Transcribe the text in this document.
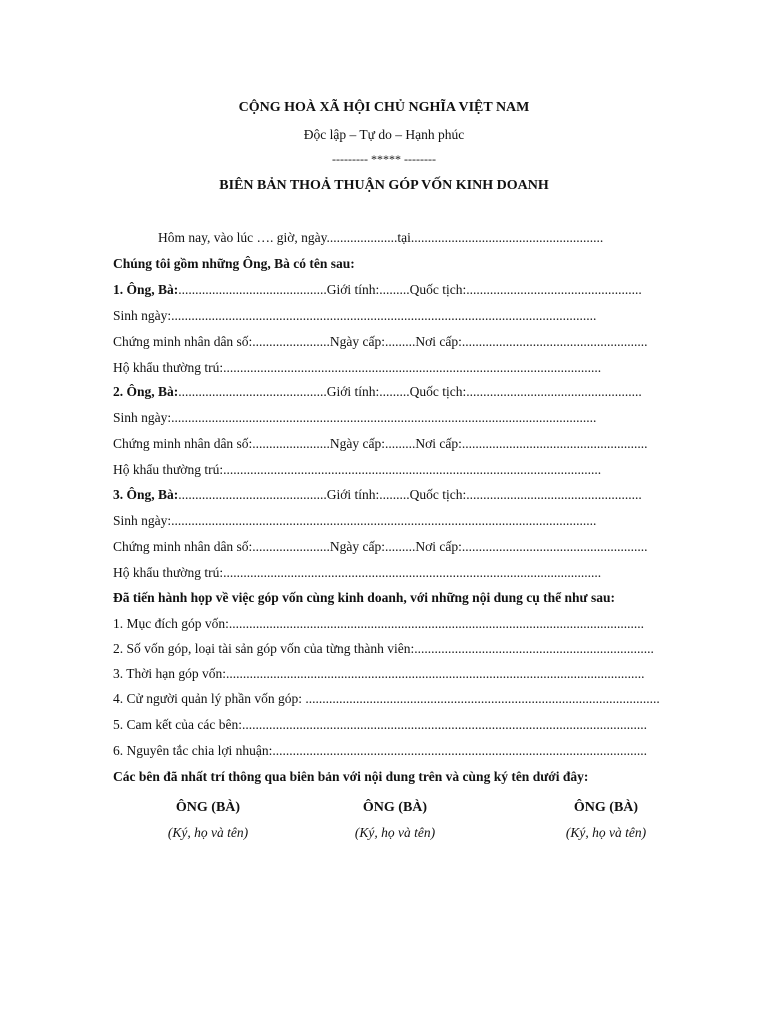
CỘNG HOÀ XÃ HỘI CHỦ NGHĨA VIỆT NAM
Độc lập – Tự do – Hạnh phúc
--------- ***** --------
BIÊN BẢN THOẢ THUẬN GÓP VỐN KINH DOANH
Hôm nay, vào lúc …. giờ, ngày.....................tại.........................................................
Chúng tôi gồm những Ông, Bà có tên sau:
1. Ông, Bà:............................................Giới tính:.........Quốc tịch:....................................................
Sinh ngày:..............................................................................................................................
Chứng minh nhân dân số:.......................Ngày cấp:.........Nơi cấp:.......................................................
Hộ khẩu thường trú:................................................................................................................
2. Ông, Bà:............................................Giới tính:.........Quốc tịch:....................................................
Sinh ngày:..............................................................................................................................
Chứng minh nhân dân số:.......................Ngày cấp:.........Nơi cấp:.......................................................
Hộ khẩu thường trú:................................................................................................................
3. Ông, Bà:............................................Giới tính:.........Quốc tịch:....................................................
Sinh ngày:..............................................................................................................................
Chứng minh nhân dân số:.......................Ngày cấp:.........Nơi cấp:.......................................................
Hộ khẩu thường trú:................................................................................................................
Đã tiến hành họp về việc góp vốn cùng kinh doanh, với những nội dung cụ thể như sau:
1. Mục đích góp vốn:...........................................................................................................................
2. Số vốn góp, loại tài sản góp vốn của từng thành viên:.......................................................................
3. Thời hạn góp vốn:............................................................................................................................
4. Cử người quản lý phần vốn góp: .........................................................................................................
5. Cam kết của các bên:........................................................................................................................
6. Nguyên tắc chia lợi nhuận:...............................................................................................................
Các bên đã nhất trí thông qua biên bản với nội dung trên và cùng ký tên dưới đây:
ÔNG (BÀ)
(Ký, họ và tên)
ÔNG (BÀ)
(Ký, họ và tên)
ÔNG (BÀ)
(Ký, họ và tên)
